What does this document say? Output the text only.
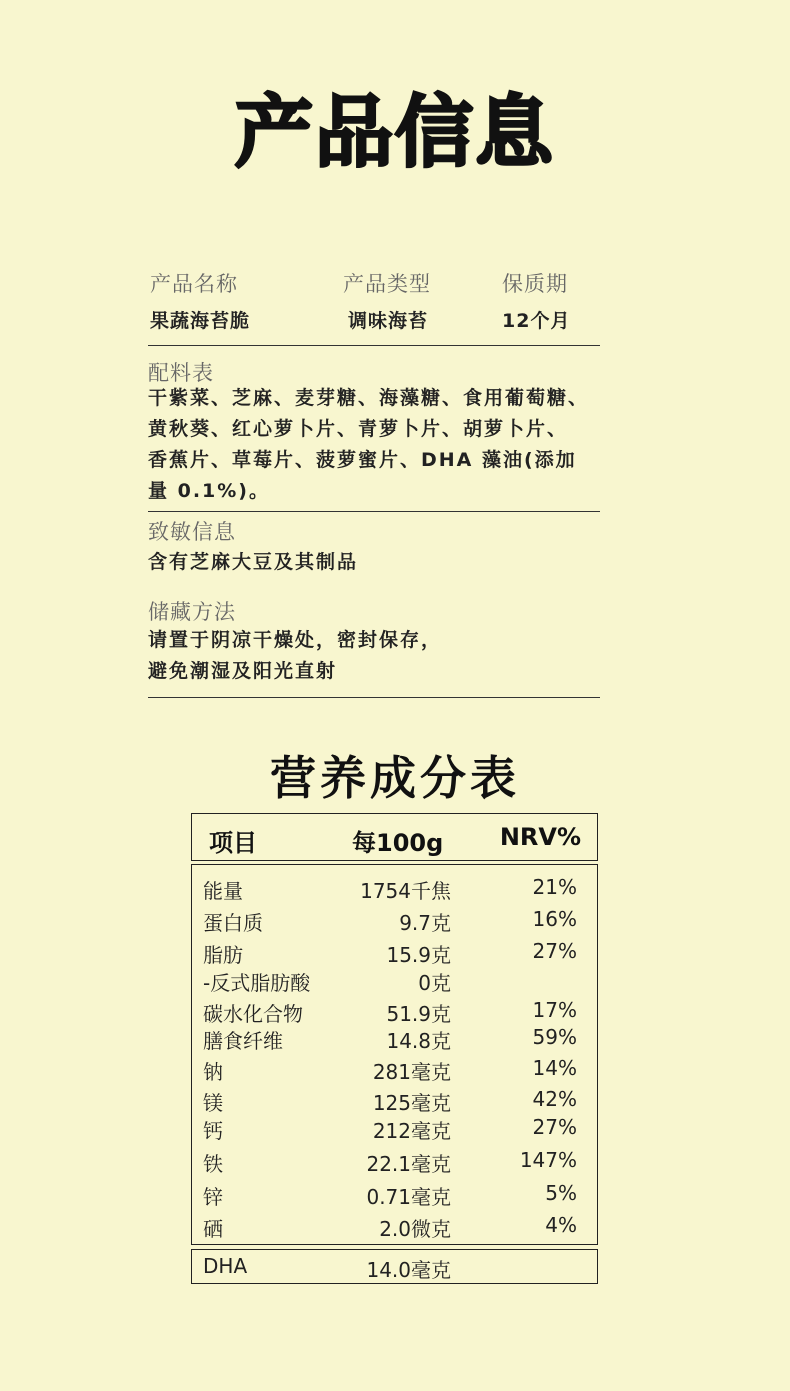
产品信息
产品名称
果蔬海苔脆
产品类型
调味海苔
保质期
12个月
配料表
干紫菜、芝麻、麦芽糖、海藻糖、食用葡萄糖、
黄秋葵、红心萝卜片、青萝卜片、胡萝卜片、
香蕉片、草莓片、菠萝蜜片、DHA 藻油(添加
量 0.1%)。
致敏信息
含有芝麻大豆及其制品
储藏方法
请置于阴凉干燥处，密封保存，
避免潮湿及阳光直射
营养成分表
项目	每100g NRV%
能量	1754千焦	21%
蛋白质	9.7克	16%
脂肪	15.9克	27%
-反式脂肪酸	0克
碳水化合物	51.9克	17%
膳食纤维	14.8克	59%
钠	281毫克	14%
镁	125毫克	42%
钙	212毫克	27%
铁	22.1毫克	147%
锌	0.71毫克	5%
硒	2.0微克	4%
DHA	14.0毫克
